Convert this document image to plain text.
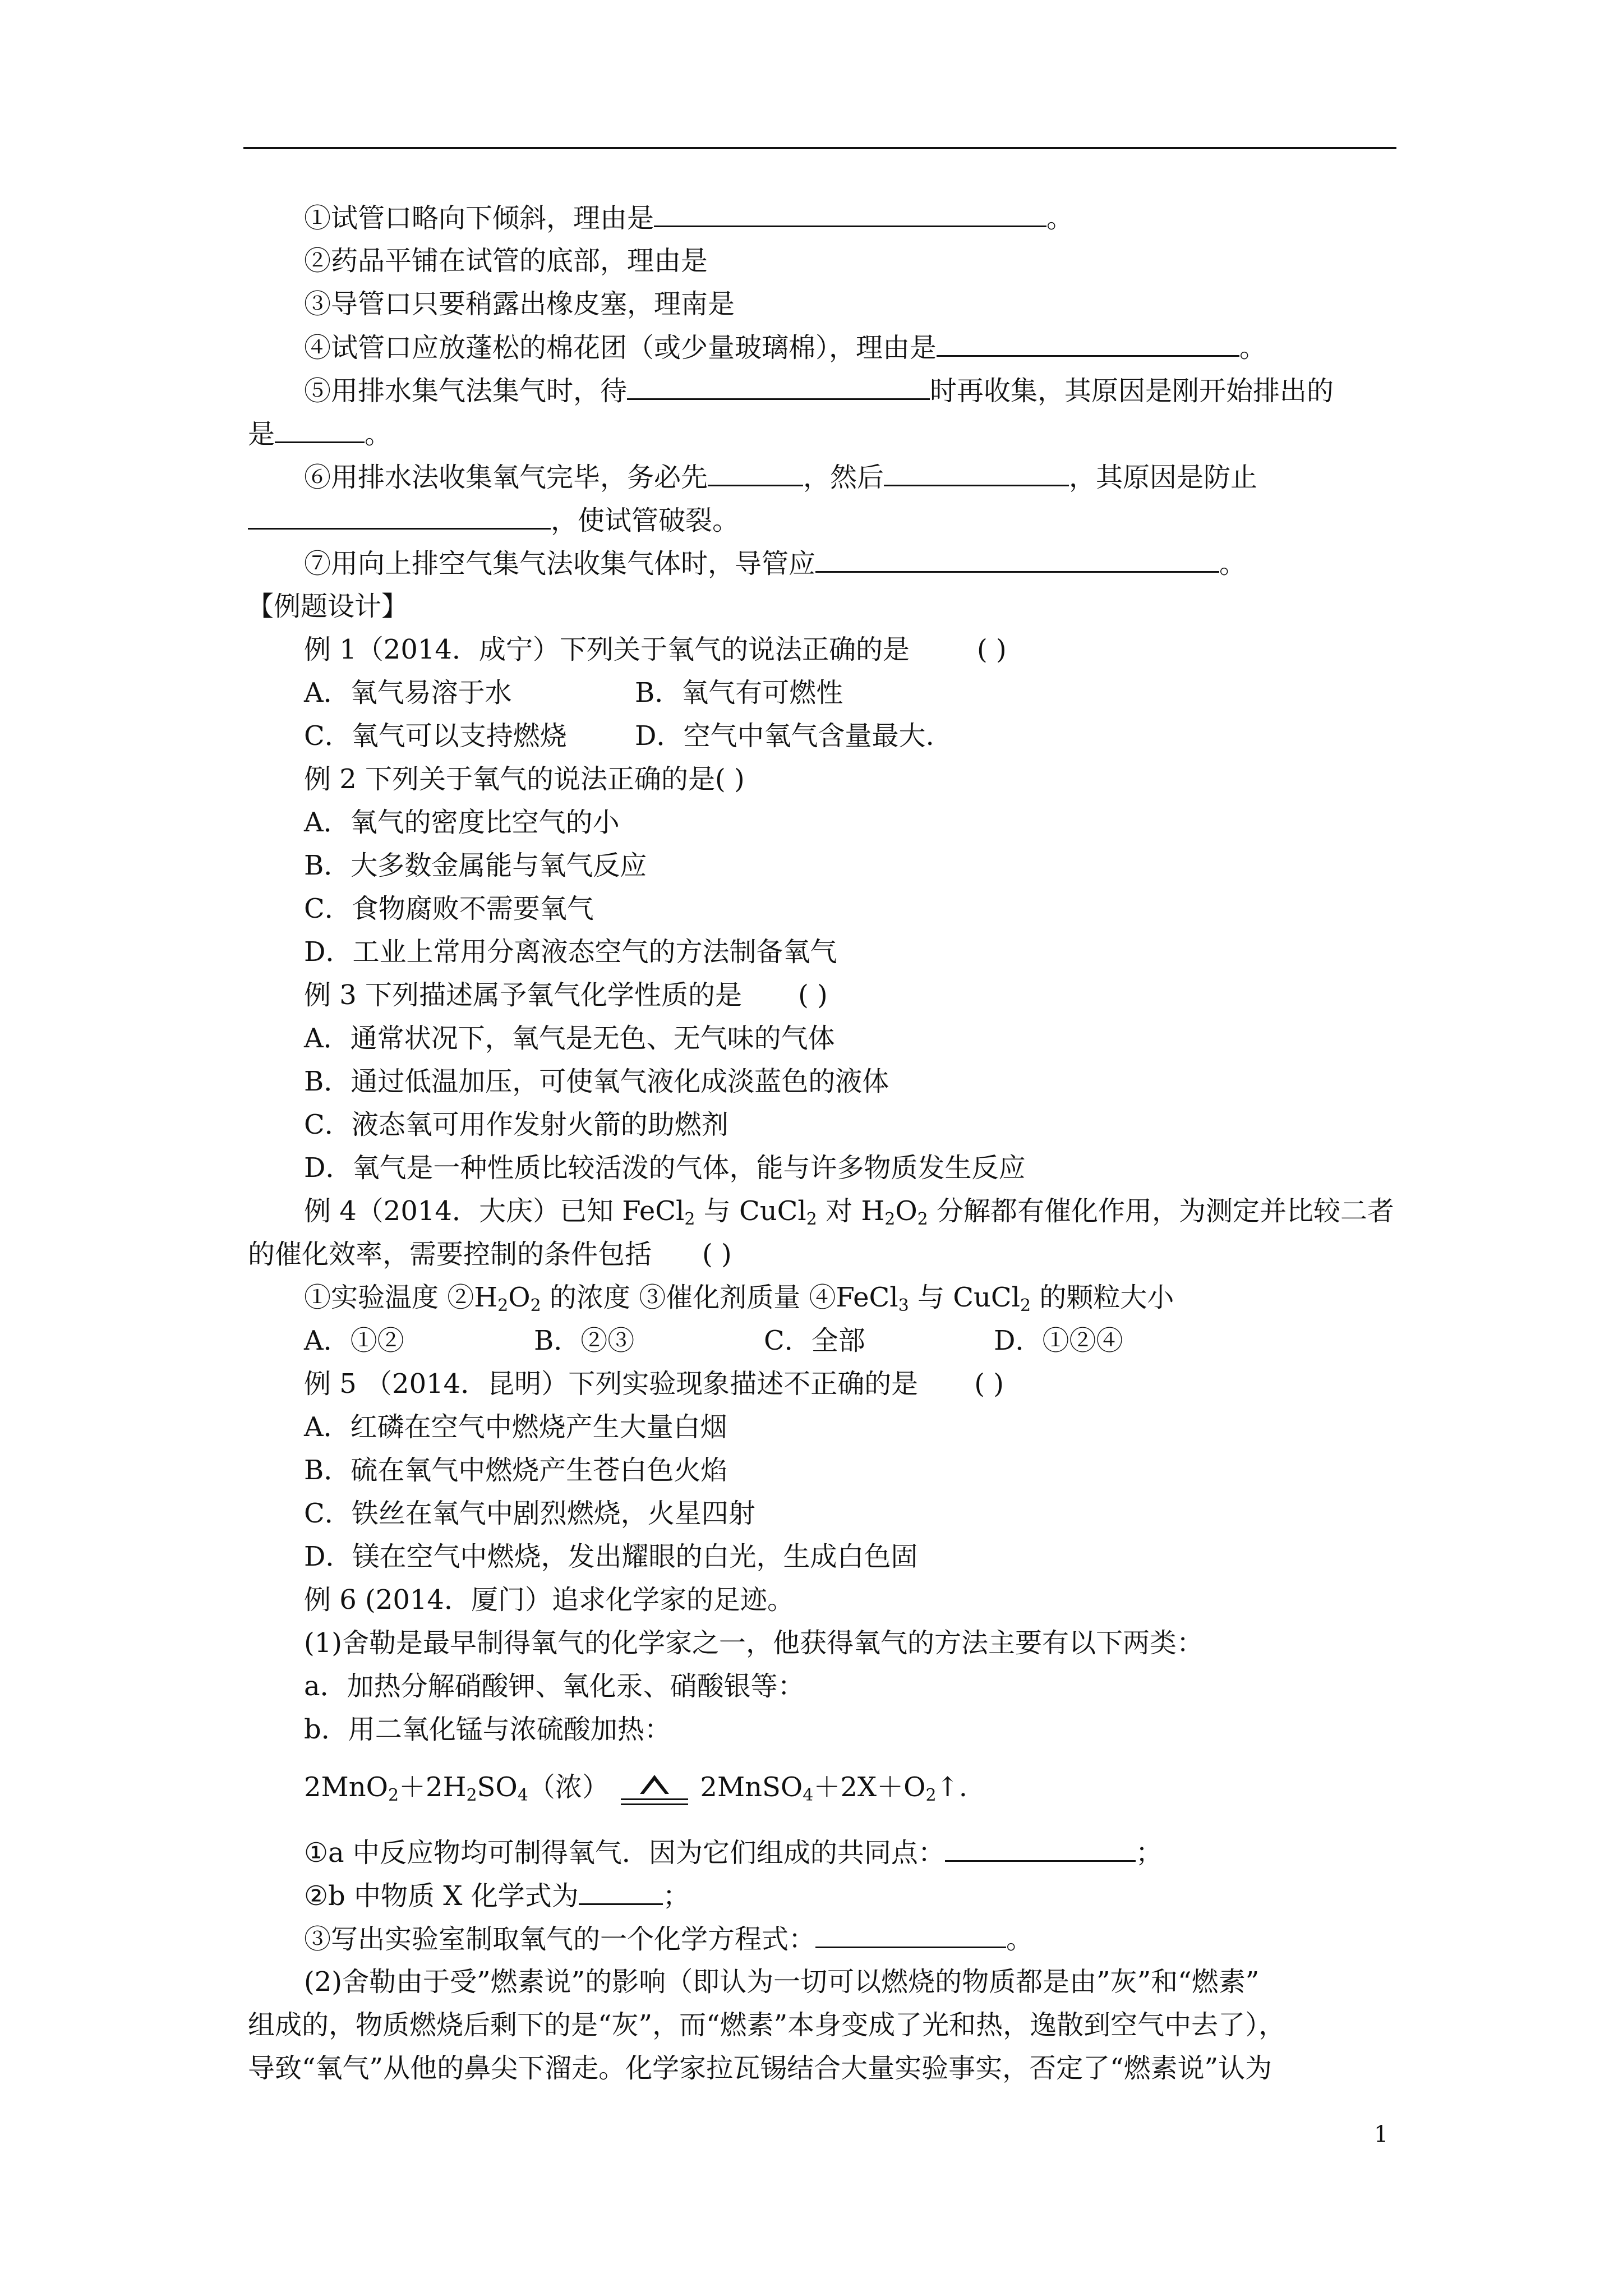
①试管口略向下倾斜，理由是	。
②药品平铺在试管的底部，理由是
③导管口只要稍露出橡皮塞，理南是
④试管口应放蓬松的棉花团（或少量玻璃棉），理由是	。
⑤用排水集气法集气时，待	时再收集，其原因是刚开始排出的
是	。
⑥用排水法收集氧气完毕，务必先	，然后	，其原因是防止
，使试管破裂。
⑦用向上排空气集气法收集气体时，导管应	。
【例题设计】
例 1（2014．成宁）下列关于氧气的说法正确的是	( )
A．氧气易溶于水	B．氧气有可燃性
C．氧气可以支持燃烧	D．空气中氧气含量最大.
例 2 下列关于氧气的说法正确的是( )
A．氧气的密度比空气的小
B．大多数金属能与氧气反应
C．食物腐败不需要氧气
D．工业上常用分离液态空气的方法制备氧气
例 3 下列描述属予氧气化学性质的是 ( )
A．通常状况下，氧气是无色、无气味的气体
B．通过低温加压，可使氧气液化成淡蓝色的液体
C．液态氧可用作发射火箭的助燃剂
D．氧气是一种性质比较活泼的气体，能与许多物质发生反应
例 4（2014．大庆）已知 FeCl$_2$ 与 CuCl$_2$ 对 $H_2O_2$ 分解都有催化作用，为测定并比较二者
的催化效率，需要控制的条件包括 ( )
①实验温度 $②H_2O_2$ 的浓度 ③催化剂质量 ④FeCl$_3$ 与 CuCl$_2$ 的颗粒大小
A．①②	B．②③	C．全部	D．①②④
例 5 （2014．昆明）下列实验现象描述不正确的是 ( )
A．红磷在空气中燃烧产生大量白烟
B．硫在氧气中燃烧产生苍白色火焰
C．铁丝在氧气中剧烈燃烧，火星四射
D．镁在空气中燃烧，发出耀眼的白光，生成白色固
例 6 (2014．厦门）追求化学家的足迹。
(1)舍勒是最早制得氧气的化学家之一，他获得氧气的方法主要有以下两类：
a．加热分解硝酸钾、氧化汞、硝酸银等：
b．用二氧化锰与浓硫酸加热：
$2MnO_2+2H_2SO_4$（浓）	$2MnSO_4+2X+O_2↑$.
①a 中反应物均可制得氧气．因为它们组成的共同点：	；
②b 中物质 X 化学式为	；
③写出实验室制取氧气的一个化学方程式：	。
(2)舍勒由于受”燃素说”的影响（即认为一切可以燃烧的物质都是由”灰”和“燃素”
组成的，物质燃烧后剩下的是“灰”，而“燃素”本身变成了光和热，逸散到空气中去了），
导致“氧气”从他的鼻尖下溜走。化学家拉瓦锡结合大量实验事实，否定了“燃素说”认为
1
